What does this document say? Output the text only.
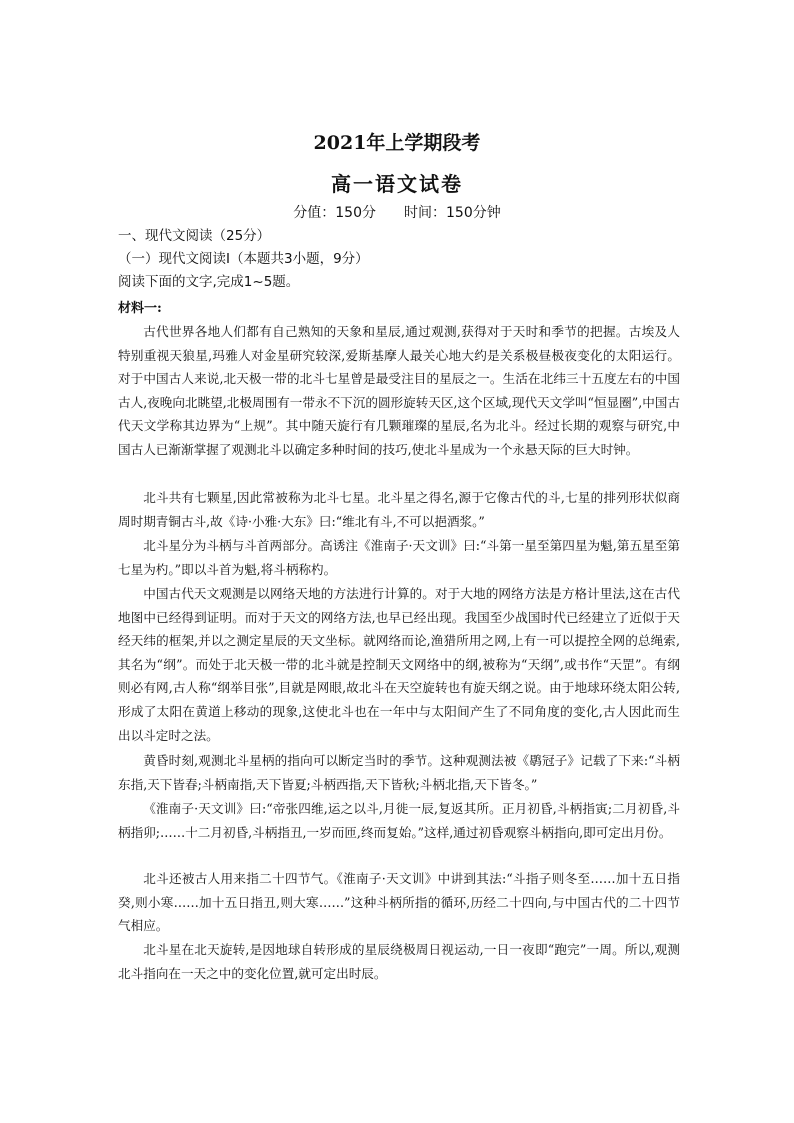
2021年上学期段考
高一语文试卷
分值：150分 时间：150分钟
一、现代文阅读（25分）
（一）现代文阅读Ⅰ（本题共3小题，9分）
阅读下面的文字,完成1~5题。
材料一:

古代世界各地人们都有自己熟知的天象和星辰,通过观测,获得对于天时和季节的把握。古埃及人特别重视天狼星,玛雅人对金星研究较深,爱斯基摩人最关心地大约是关系极昼极夜变化的太阳运行。对于中国古人来说,北天极一带的北斗七星曾是最受注目的星辰之一。生活在北纬三十五度左右的中国古人,夜晚向北眺望,北极周围有一带永不下沉的圆形旋转天区,这个区域,现代天文学叫“恒显圈”,中国古代天文学称其边界为“上规”。其中随天旋行有几颗璀璨的星辰,名为北斗。经过长期的观察与研究,中国古人已渐渐掌握了观测北斗以确定多种时间的技巧,使北斗星成为一个永悬天际的巨大时钟。

北斗共有七颗星,因此常被称为北斗七星。北斗星之得名,源于它像古代的斗,七星的排列形状似商周时期青铜古斗,故《诗·小雅·大东》曰:“维北有斗,不可以挹酒浆。”

北斗星分为斗柄与斗首两部分。高诱注《淮南子·天文训》曰:“斗第一星至第四星为魁,第五星至第七星为杓。”即以斗首为魁,将斗柄称杓。

中国古代天文观测是以网络天地的方法进行计算的。对于大地的网络方法是方格计里法,这在古代地图中已经得到证明。而对于天文的网络方法,也早已经出现。我国至少战国时代已经建立了近似于天经天纬的框架,并以之测定星辰的天文坐标。就网络而论,渔猎所用之网,上有一可以提控全网的总绳索,其名为“纲”。而处于北天极一带的北斗就是控制天文网络中的纲,被称为“天纲”,或书作“天罡”。有纲则必有网,古人称“纲举目张”,目就是网眼,故北斗在天空旋转也有旋天纲之说。由于地球环绕太阳公转,形成了太阳在黄道上移动的现象,这使北斗也在一年中与太阳间产生了不同角度的变化,古人因此而生出以斗定时之法。

黄昏时刻,观测北斗星柄的指向可以断定当时的季节。这种观测法被《鹖冠子》记载了下来:“斗柄东指,天下皆春;斗柄南指,天下皆夏;斗柄西指,天下皆秋;斗柄北指,天下皆冬。”

《淮南子·天文训》曰:“帝张四维,运之以斗,月徙一辰,复返其所。正月初昏,斗柄指寅;二月初昏,斗柄指卯;……十二月初昏,斗柄指丑,一岁而匝,终而复始。”这样,通过初昏观察斗柄指向,即可定出月份。

北斗还被古人用来指二十四节气。《淮南子·天文训》中讲到其法:“斗指子则冬至……加十五日指癸,则小寒……加十五日指丑,则大寒……”这种斗柄所指的循环,历经二十四向,与中国古代的二十四节气相应。

北斗星在北天旋转,是因地球自转形成的星辰绕极周日视运动,一日一夜即“跑完”一周。所以,观测北斗指向在一天之中的变化位置,就可定出时辰。
